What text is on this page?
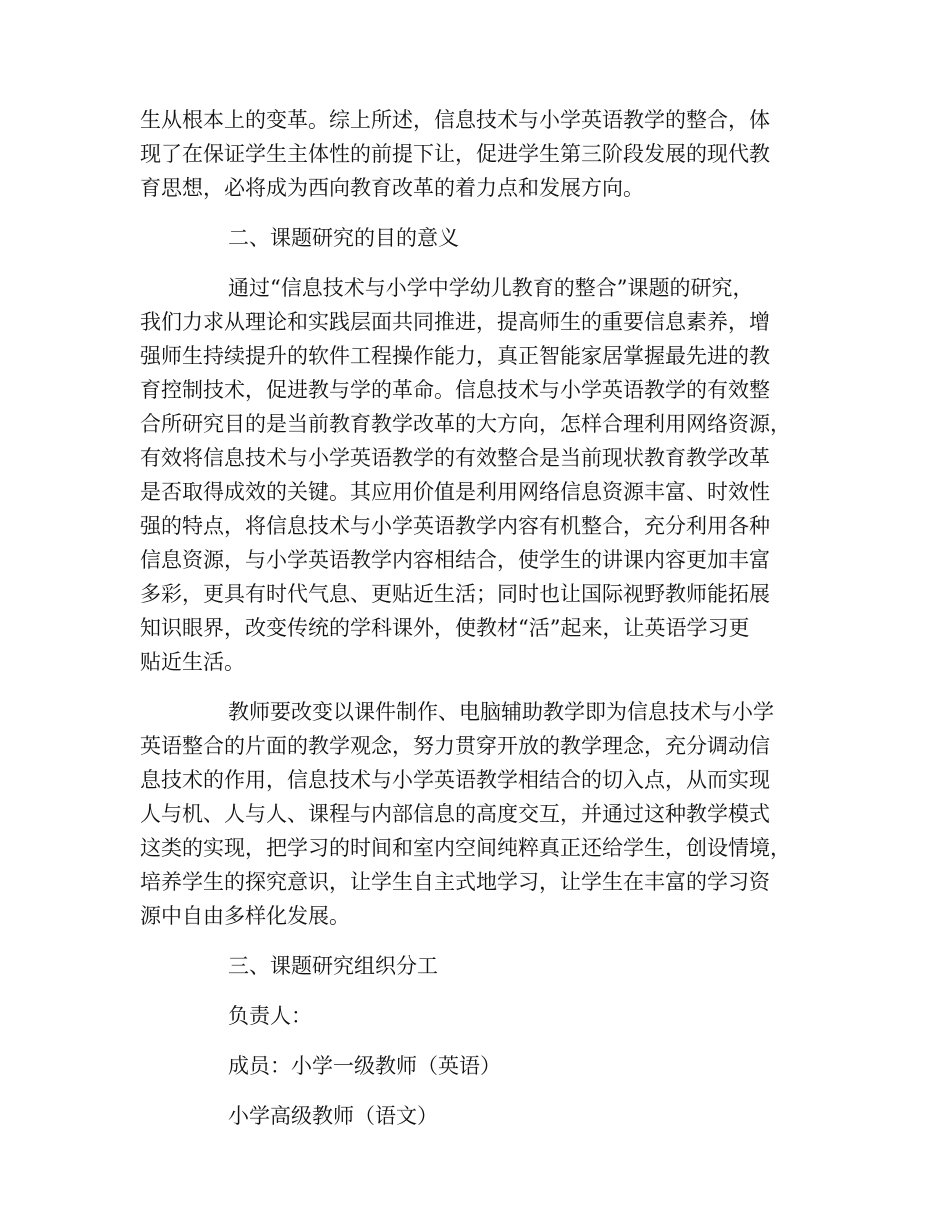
生从根本上的变革。综上所述，信息技术与小学英语教学的整合，体
现了在保证学生主体性的前提下让，促进学生第三阶段发展的现代教
育思想，必将成为西向教育改革的着力点和发展方向。
二、课题研究的目的意义
通过“信息技术与小学中学幼儿教育的整合”课题的研究，
我们力求从理论和实践层面共同推进，提高师生的重要信息素养，增
强师生持续提升的软件工程操作能力，真正智能家居掌握最先进的教
育控制技术，促进教与学的革命。信息技术与小学英语教学的有效整
合所研究目的是当前教育教学改革的大方向，怎样合理利用网络资源，
有效将信息技术与小学英语教学的有效整合是当前现状教育教学改革
是否取得成效的关键。其应用价值是利用网络信息资源丰富、时效性
强的特点，将信息技术与小学英语教学内容有机整合，充分利用各种
信息资源，与小学英语教学内容相结合，使学生的讲课内容更加丰富
多彩，更具有时代气息、更贴近生活；同时也让国际视野教师能拓展
知识眼界，改变传统的学科课外，使教材“活”起来，让英语学习更
贴近生活。
教师要改变以课件制作、电脑辅助教学即为信息技术与小学
英语整合的片面的教学观念，努力贯穿开放的教学理念，充分调动信
息技术的作用，信息技术与小学英语教学相结合的切入点，从而实现
人与机、人与人、课程与内部信息的高度交互，并通过这种教学模式
这类的实现，把学习的时间和室内空间纯粹真正还给学生，创设情境，
培养学生的探究意识，让学生自主式地学习，让学生在丰富的学习资
源中自由多样化发展。
三、课题研究组织分工
负责人：
成员：小学一级教师（英语）
小学高级教师（语文）
